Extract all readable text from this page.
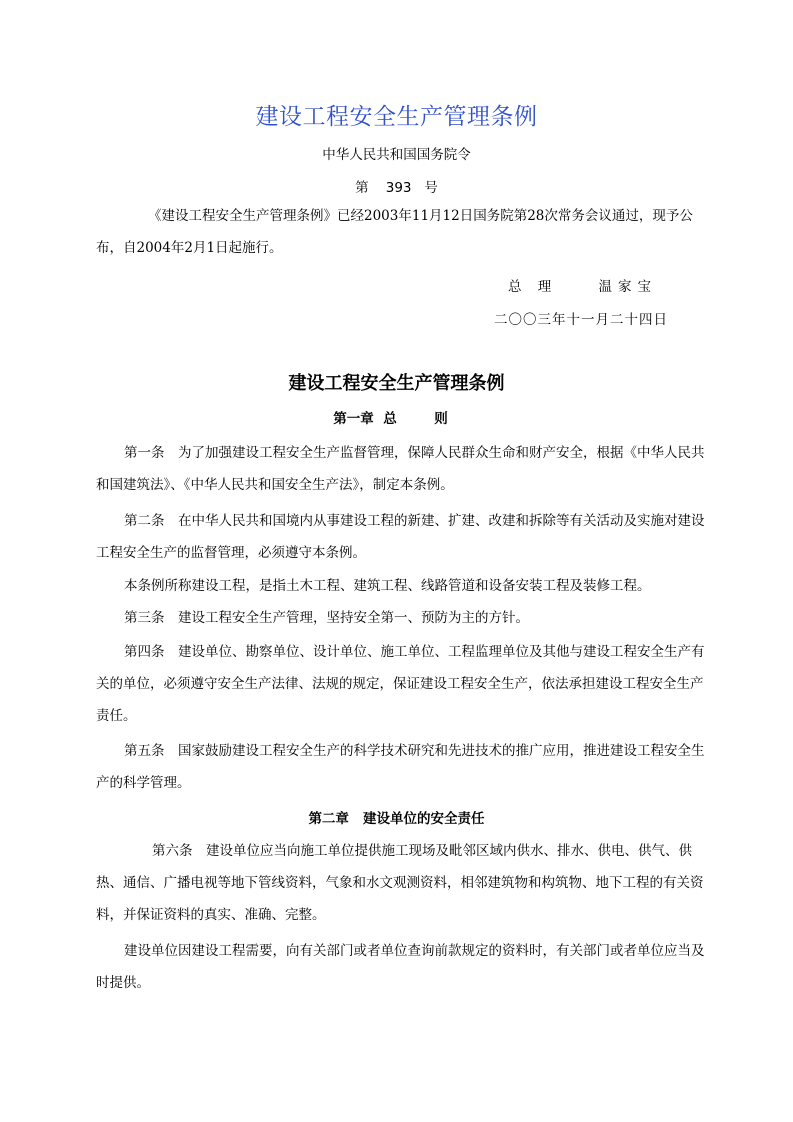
建设工程安全生产管理条例
中华人民共和国国务院令
第 393 号
《建设工程安全生产管理条例》已经2003年11月12日国务院第28次常务会议通过，现予公布，自2004年2月1日起施行。
总 理	温家宝
二〇〇三年十一月二十四日
建设工程安全生产管理条例
第一章 总　则
第一条　为了加强建设工程安全生产监督管理，保障人民群众生命和财产安全，根据《中华人民共和国建筑法》、《中华人民共和国安全生产法》，制定本条例。
第二条　在中华人民共和国境内从事建设工程的新建、扩建、改建和拆除等有关活动及实施对建设工程安全生产的监督管理，必须遵守本条例。
本条例所称建设工程，是指土木工程、建筑工程、线路管道和设备安装工程及装修工程。
第三条　建设工程安全生产管理，坚持安全第一、预防为主的方针。
第四条　建设单位、勘察单位、设计单位、施工单位、工程监理单位及其他与建设工程安全生产有关的单位，必须遵守安全生产法律、法规的规定，保证建设工程安全生产，依法承担建设工程安全生产责任。
第五条　国家鼓励建设工程安全生产的科学技术研究和先进技术的推广应用，推进建设工程安全生产的科学管理。
第二章 建设单位的安全责任
第六条　建设单位应当向施工单位提供施工现场及毗邻区域内供水、排水、供电、供气、供热、通信、广播电视等地下管线资料，气象和水文观测资料，相邻建筑物和构筑物、地下工程的有关资料，并保证资料的真实、准确、完整。
建设单位因建设工程需要，向有关部门或者单位查询前款规定的资料时，有关部门或者单位应当及时提供。
